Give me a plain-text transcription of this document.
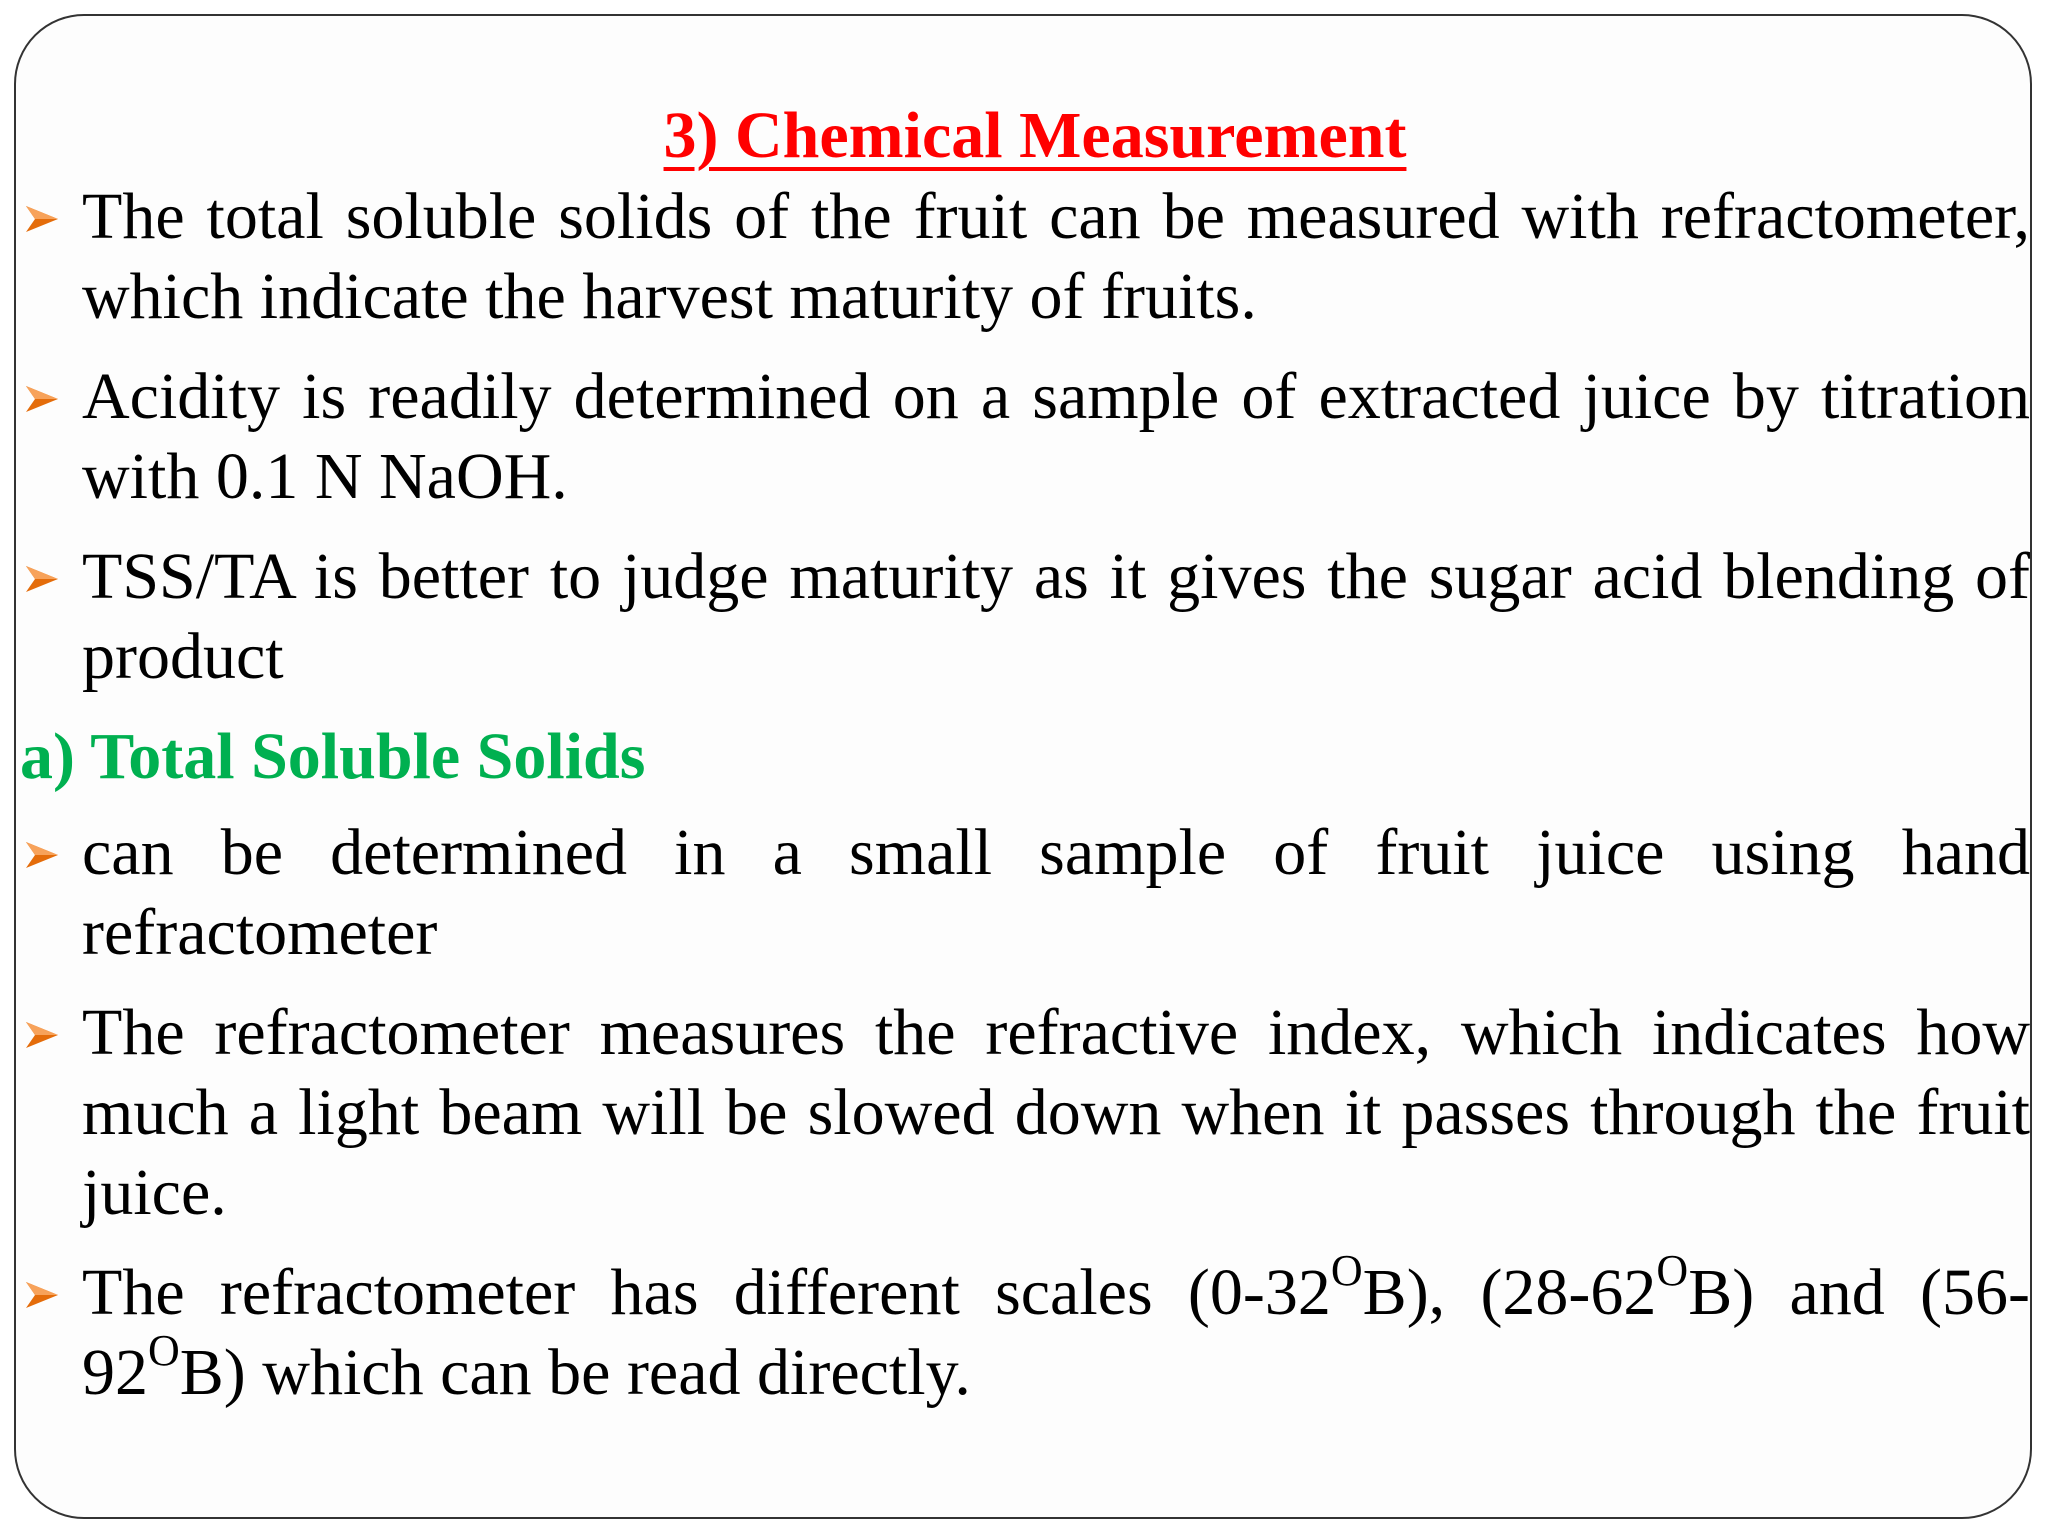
3) Chemical Measurement

The total soluble solids of the fruit can be measured with refractometer, which indicate the harvest maturity of fruits.

Acidity is readily determined on a sample of extracted juice by titration with 0.1 N NaOH.

TSS/TA is better to judge maturity as it gives the sugar acid blending of product

a) Total Soluble Solids

can be determined in a small sample of fruit juice using hand refractometer

The refractometer measures the refractive index, which indicates how much a light beam will be slowed down when it passes through the fruit juice.

The refractometer has different scales $(0-32^OB)$, $(28-62^OB)$ and $(56-92^OB)$ which can be read directly.
